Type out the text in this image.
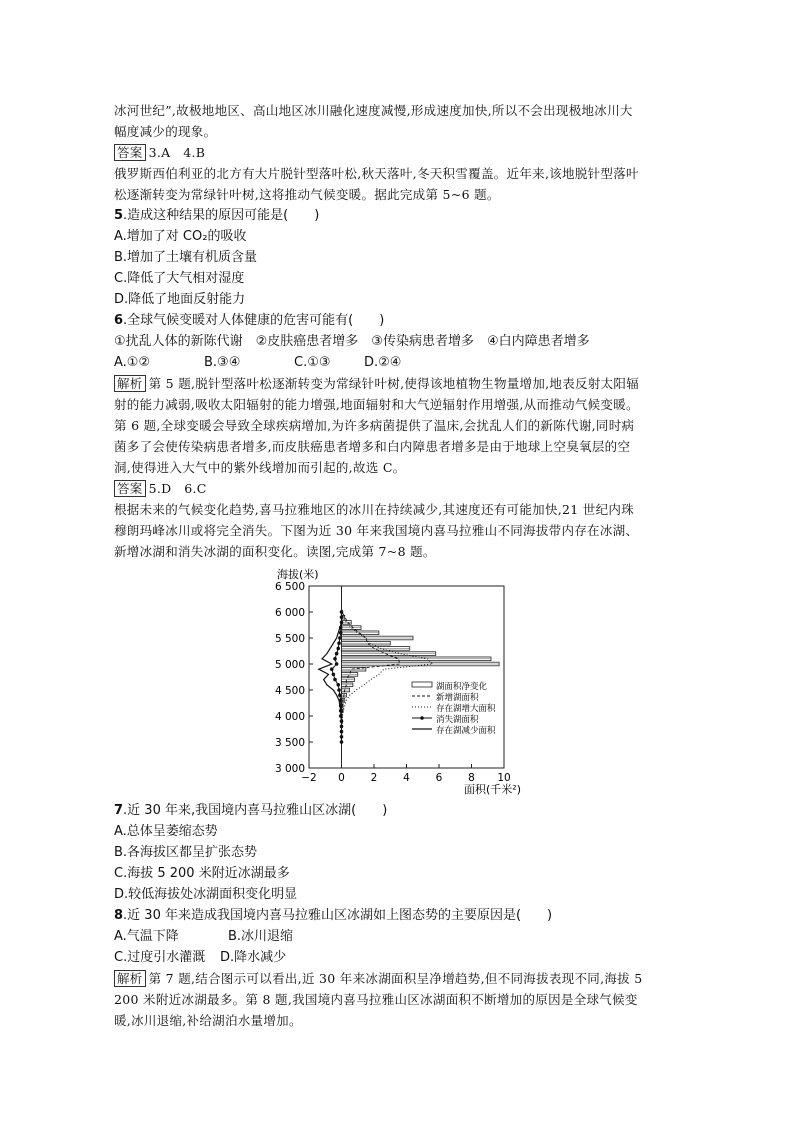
冰河世纪”,故极地地区、高山地区冰川融化速度减慢,形成速度加快,所以不会出现极地冰川大

幅度减少的现象。

答案 3.A　4.B

俄罗斯西伯利亚的北方有大片脱针型落叶松,秋天落叶,冬天积雪覆盖。近年来,该地脱针型落叶

松逐渐转变为常绿针叶树,这将推动气候变暖。据此完成第 5~6 题。

5.造成这种结果的原因可能是(　　)

A.增加了对 CO₂的吸收

B.增加了土壤有机质含量

C.降低了大气相对湿度

D.降低了地面反射能力

6.全球气候变暖对人体健康的危害可能有(　　)

①扰乱人体的新陈代谢　②皮肤癌患者增多　③传染病患者增多　④白内障患者增多

A.①②	B.③④	C.①③	D.②④

解析 第 5 题,脱针型落叶松逐渐转变为常绿针叶树,使得该地植物生物量增加,地表反射太阳辐

射的能力减弱,吸收太阳辐射的能力增强,地面辐射和大气逆辐射作用增强,从而推动气候变暖。

第 6 题,全球变暖会导致全球疾病增加,为许多病菌提供了温床,会扰乱人们的新陈代谢,同时病

菌多了会使传染病患者增多,而皮肤癌患者增多和白内障患者增多是由于地球上空臭氧层的空

洞,使得进入大气中的紫外线增加而引起的,故选 C。

答案 5.D　6.C

根据未来的气候变化趋势,喜马拉雅地区的冰川在持续减少,其速度还有可能加快,21 世纪内珠

穆朗玛峰冰川或将完全消失。下图为近 30 年来我国境内喜马拉雅山不同海拔带内存在冰湖、

新增冰湖和消失冰湖的面积变化。读图,完成第 7~8 题。

海拔(米)
面积(千米²)
3 000
3 500
4 000
4 500
5 000
5 500
6 000
6 500
−2 0 2 4 6 8 10
湖面积净变化
新增湖面积
存在湖增大面积
消失湖面积
存在湖减少面积

7.近 30 年来,我国境内喜马拉雅山区冰湖(　　)

A.总体呈萎缩态势

B.各海拔区都呈扩张态势

C.海拔 5 200 米附近冰湖最多

D.较低海拔处冰湖面积变化明显

8.近 30 年来造成我国境内喜马拉雅山区冰湖如上图态势的主要原因是(　　)

A.气温下降	B.冰川退缩

C.过度引水灌溉	D.降水减少

解析 第 7 题,结合图示可以看出,近 30 年来冰湖面积呈净增趋势,但不同海拔表现不同,海拔 5

200 米附近冰湖最多。第 8 题,我国境内喜马拉雅山区冰湖面积不断增加的原因是全球气候变

暖,冰川退缩,补给湖泊水量增加。
